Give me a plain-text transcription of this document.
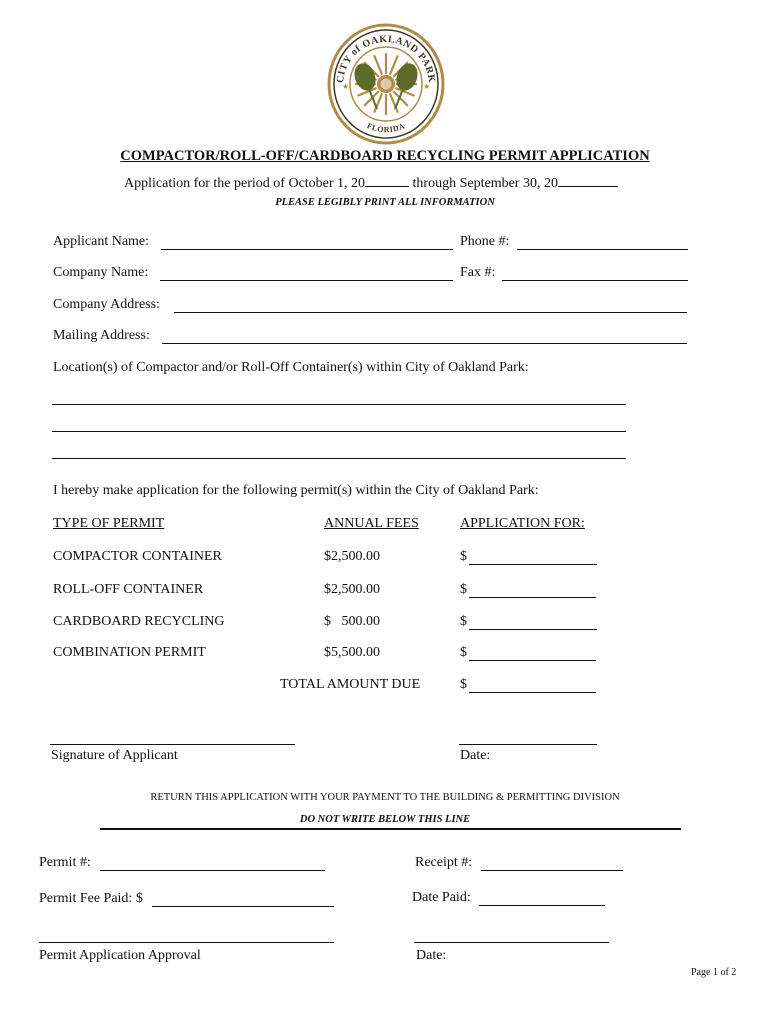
CITY of OAKLAND PARK
FLORIDA
★	★
COMPACTOR/ROLL-OFF/CARDBOARD RECYCLING PERMIT APPLICATION
Application for the period of October 1, 20	through September 30, 20
PLEASE LEGIBLY PRINT ALL INFORMATION
Applicant Name:	Phone #:
Company Name:	Fax #:
Company Address:
Mailing Address:
Location(s) of Compactor and/or Roll-Off Container(s) within City of Oakland Park:
I hereby make application for the following permit(s) within the City of Oakland Park:
TYPE OF PERMIT	ANNUAL FEES	APPLICATION FOR:
COMPACTOR CONTAINER	$2,500.00	$
ROLL-OFF CONTAINER	$2,500.00	$
CARDBOARD RECYCLING	$   500.00	$
COMBINATION PERMIT	$5,500.00	$
TOTAL AMOUNT DUE	$
Signature of Applicant	Date:
RETURN THIS APPLICATION WITH YOUR PAYMENT TO THE BUILDING & PERMITTING DIVISION
DO NOT WRITE BELOW THIS LINE
Permit #:	Receipt #:
Permit Fee Paid: $	Date Paid:
Permit Application Approval	Date:
Page 1 of 2
